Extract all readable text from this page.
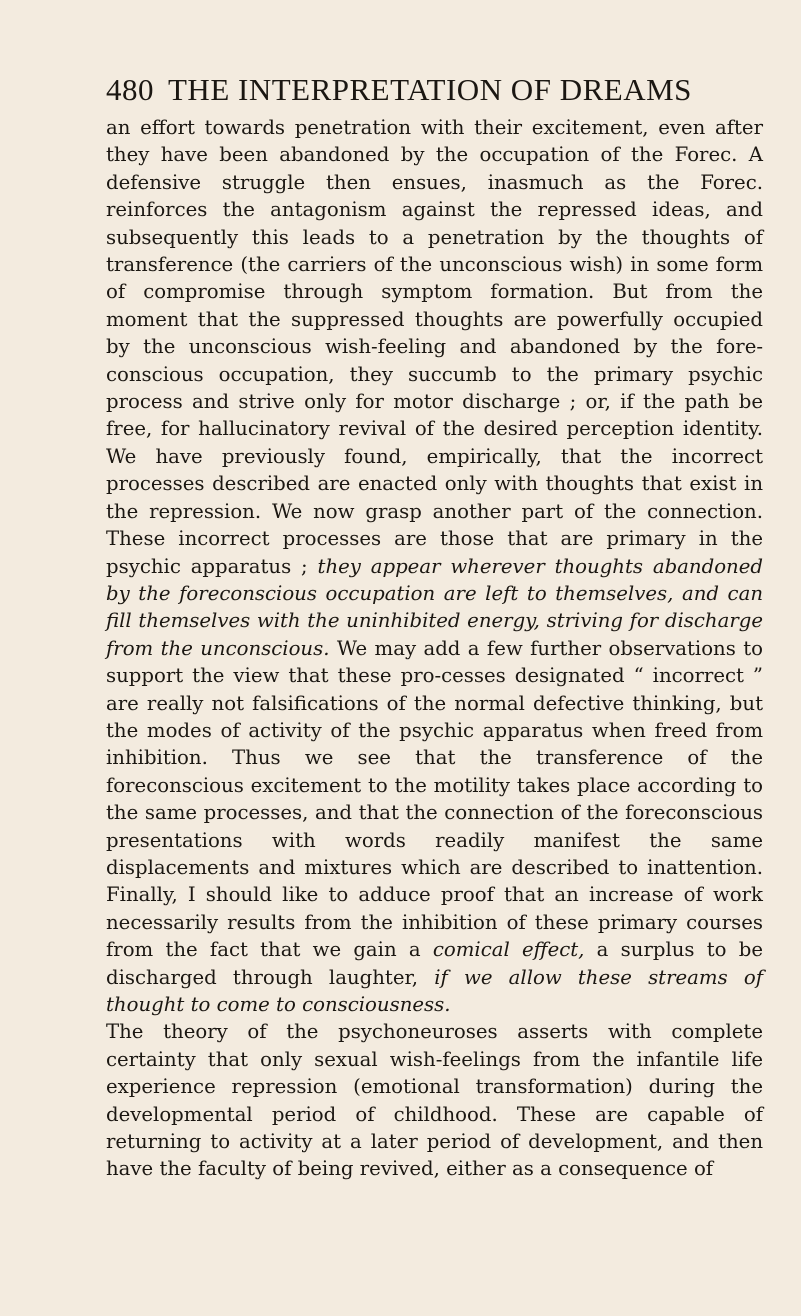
480 THE INTERPRETATION OF DREAMS

an effort towards penetration with their excitement, even after they have been abandoned by the occupation of the Forec. A defensive struggle then ensues, inasmuch as the Forec. reinforces the antagonism against the repressed ideas, and subsequently this leads to a penetration by the thoughts of transference (the carriers of the unconscious wish) in some form of compromise through symptom formation. But from the moment that the suppressed thoughts are powerfully occupied by the unconscious wish-feeling and abandoned by the fore-conscious occupation, they succumb to the primary psychic process and strive only for motor discharge ; or, if the path be free, for hallucinatory revival of the desired perception identity. We have previously found, empirically, that the incorrect processes described are enacted only with thoughts that exist in the repression. We now grasp another part of the connection. These incorrect processes are those that are primary in the psychic apparatus ; they appear wherever thoughts abandoned by the foreconscious occupation are left to themselves, and can fill themselves with the uninhibited energy, striving for discharge from the unconscious. We may add a few further observations to support the view that these pro-cesses designated “ incorrect ” are really not falsifications of the normal defective thinking, but the modes of activity of the psychic apparatus when freed from inhibition. Thus we see that the transference of the foreconscious excitement to the motility takes place according to the same processes, and that the connection of the foreconscious presentations with words readily manifest the same displacements and mixtures which are described to inattention. Finally, I should like to adduce proof that an increase of work necessarily results from the inhibition of these primary courses from the fact that we gain a comical effect, a surplus to be discharged through laughter, if we allow these streams of thought to come to consciousness.

The theory of the psychoneuroses asserts with complete certainty that only sexual wish-feelings from the infantile life experience repression (emotional transformation) during the developmental period of childhood. These are capable of returning to activity at a later period of development, and then have the faculty of being revived, either as a consequence of
